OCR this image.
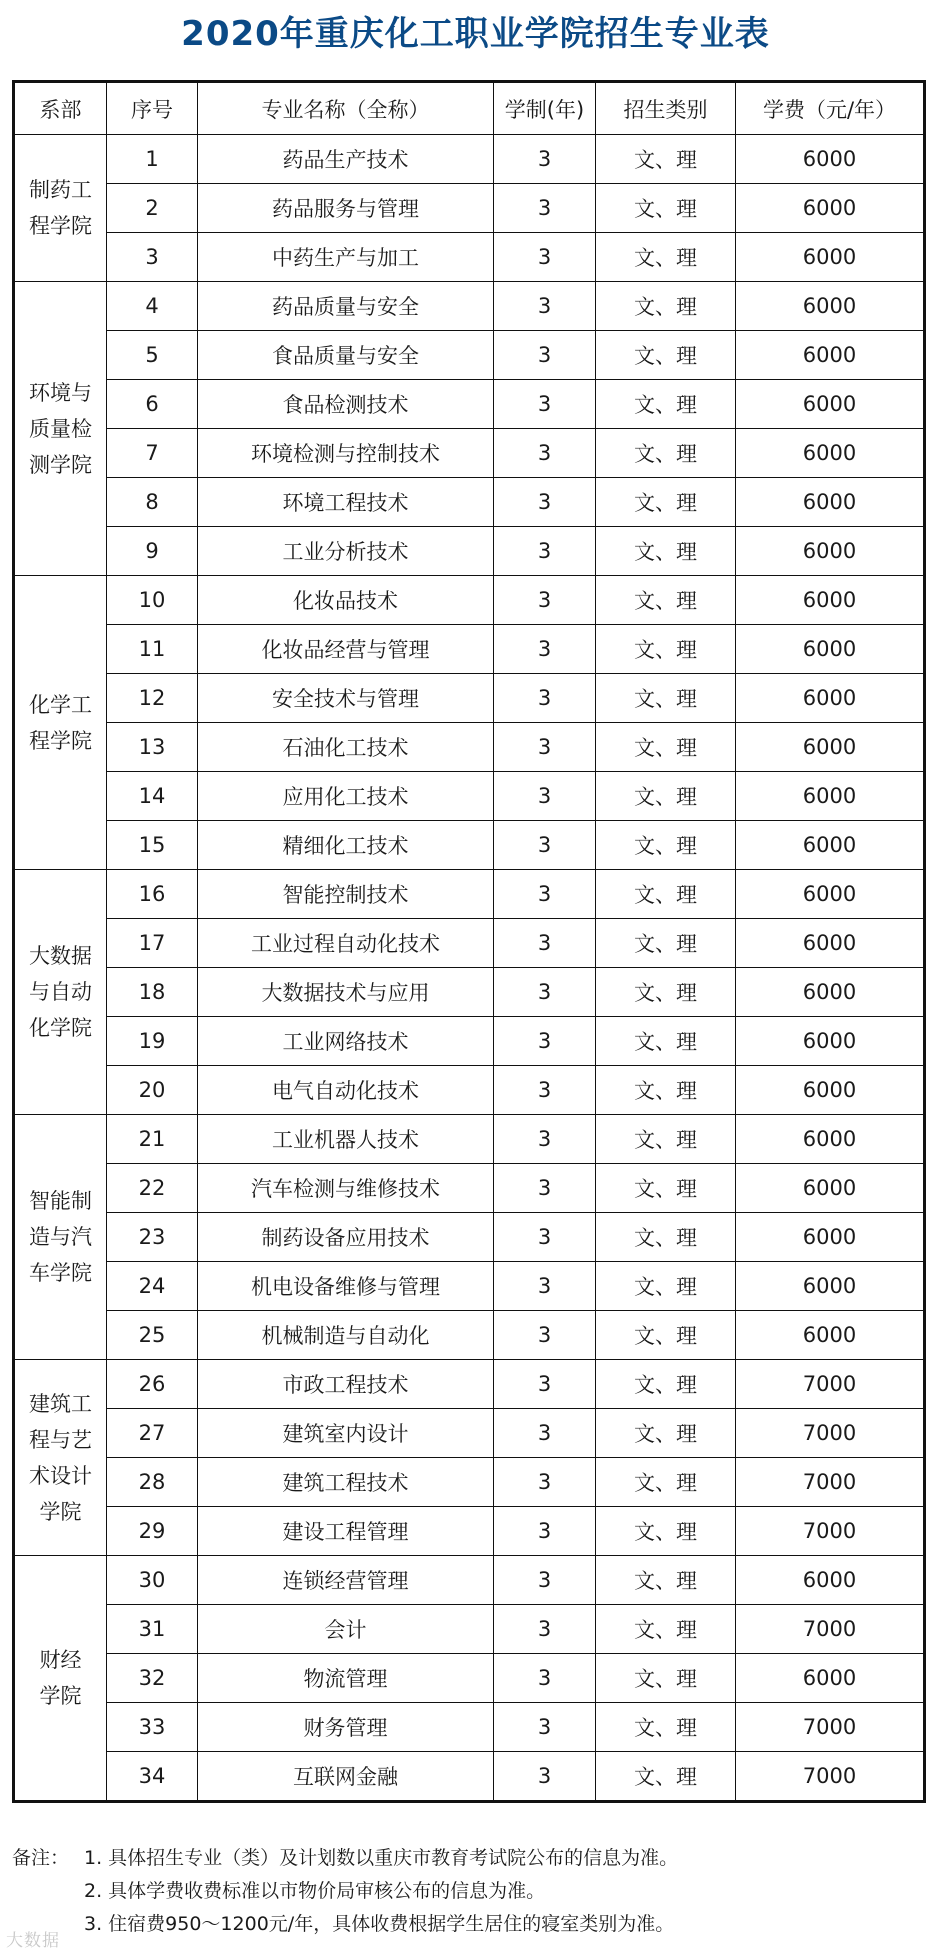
2020年重庆化工职业学院招生专业表
系部	序号	专业名称（全称）	学制(年)	招生类别	学费（元/年）

制药工
程学院	1	药品生产技术	3	文、理	6000
	2	药品服务与管理	3	文、理	6000
	3	中药生产与加工	3	文、理	6000

环境与
质量检
测学院	4	药品质量与安全	3	文、理	6000
	5	食品质量与安全	3	文、理	6000
	6	食品检测技术	3	文、理	6000
	7	环境检测与控制技术	3	文、理	6000
	8	环境工程技术	3	文、理	6000
	9	工业分析技术	3	文、理	6000

化学工
程学院	10	化妆品技术	3	文、理	6000
	11	化妆品经营与管理	3	文、理	6000
	12	安全技术与管理	3	文、理	6000
	13	石油化工技术	3	文、理	6000
	14	应用化工技术	3	文、理	6000
	15	精细化工技术	3	文、理	6000

大数据
与自动
化学院	16	智能控制技术	3	文、理	6000
	17	工业过程自动化技术	3	文、理	6000
	18	大数据技术与应用	3	文、理	6000
	19	工业网络技术	3	文、理	6000
	20	电气自动化技术	3	文、理	6000

智能制
造与汽
车学院	21	工业机器人技术	3	文、理	6000
	22	汽车检测与维修技术	3	文、理	6000
	23	制药设备应用技术	3	文、理	6000
	24	机电设备维修与管理	3	文、理	6000
	25	机械制造与自动化	3	文、理	6000

建筑工
程与艺
术设计
学院	26	市政工程技术	3	文、理	7000
	27	建筑室内设计	3	文、理	7000
	28	建筑工程技术	3	文、理	7000
	29	建设工程管理	3	文、理	7000

财经
学院	30	连锁经营管理	3	文、理	6000
	31	会计	3	文、理	7000
	32	物流管理	3	文、理	6000
	33	财务管理	3	文、理	7000
	34	互联网金融	3	文、理	7000
备注： 1. 具体招生专业（类）及计划数以重庆市教育考试院公布的信息为准。
2. 具体学费收费标准以市物价局审核公布的信息为准。
3. 住宿费950～1200元/年，具体收费根据学生居住的寝室类别为准。
大数据
